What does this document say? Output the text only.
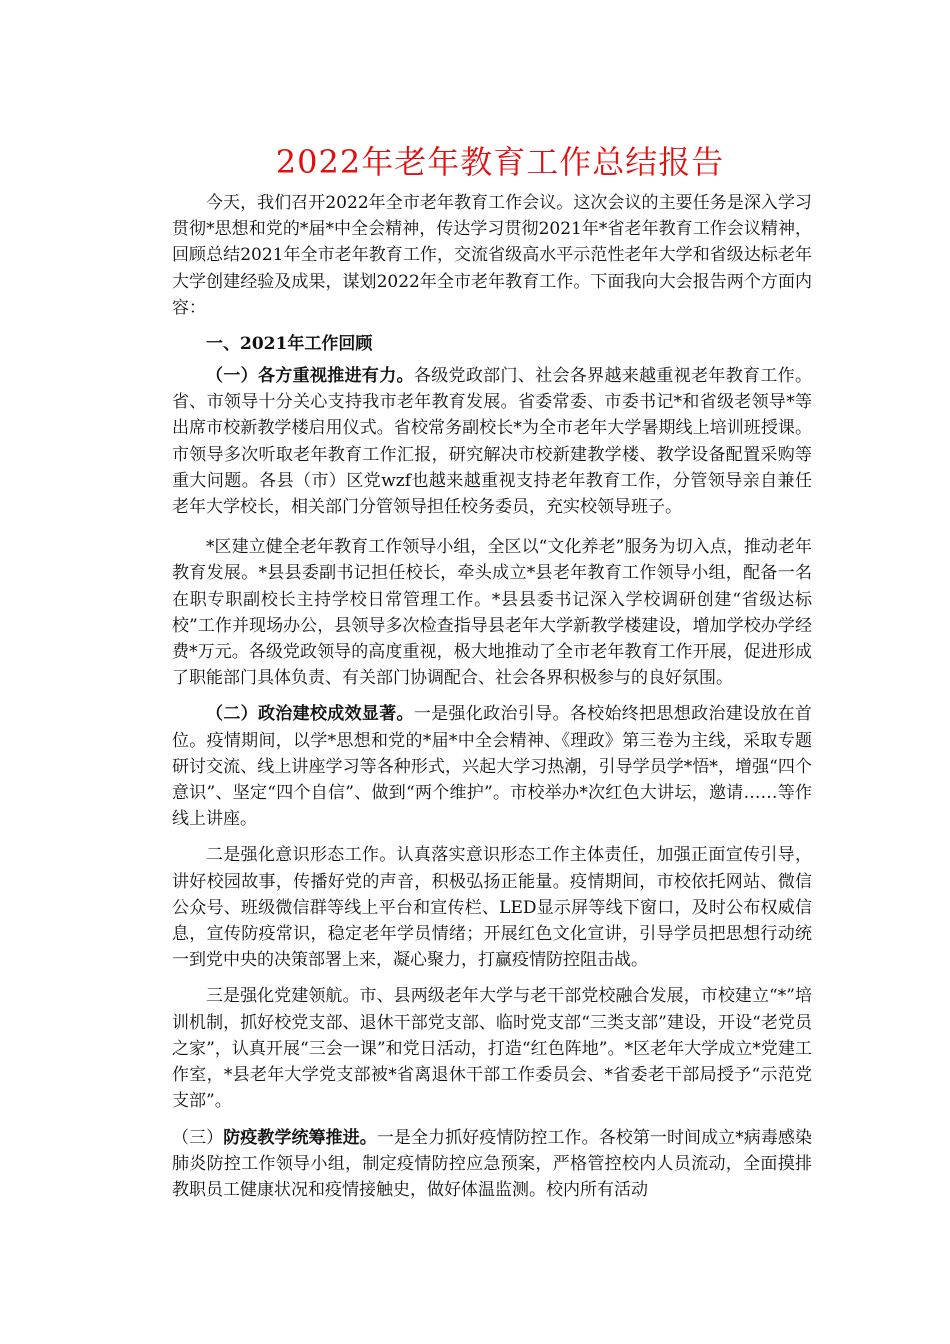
2022年老年教育工作总结报告

今天，我们召开2022年全市老年教育工作会议。这次会议的主要任务是深入学习贯彻*思想和党的*届*中全会精神，传达学习贯彻2021年*省老年教育工作会议精神，回顾总结2021年全市老年教育工作，交流省级高水平示范性老年大学和省级达标老年大学创建经验及成果，谋划2022年全市老年教育工作。下面我向大会报告两个方面内容：

一、2021年工作回顾

（一）各方重视推进有力。各级党政部门、社会各界越来越重视老年教育工作。省、市领导十分关心支持我市老年教育发展。省委常委、市委书记*和省级老领导*等出席市校新教学楼启用仪式。省校常务副校长*为全市老年大学暑期线上培训班授课。市领导多次听取老年教育工作汇报，研究解决市校新建教学楼、教学设备配置采购等重大问题。各县（市）区党wzf也越来越重视支持老年教育工作，分管领导亲自兼任老年大学校长，相关部门分管领导担任校务委员，充实校领导班子。

*区建立健全老年教育工作领导小组，全区以“文化养老”服务为切入点，推动老年教育发展。*县县委副书记担任校长，牵头成立*县老年教育工作领导小组，配备一名在职专职副校长主持学校日常管理工作。*县县委书记深入学校调研创建“省级达标校”工作并现场办公，县领导多次检查指导县老年大学新教学楼建设，增加学校办学经费*万元。各级党政领导的高度重视，极大地推动了全市老年教育工作开展，促进形成了职能部门具体负责、有关部门协调配合、社会各界积极参与的良好氛围。

（二）政治建校成效显著。一是强化政治引导。各校始终把思想政治建设放在首位。疫情期间，以学*思想和党的*届*中全会精神、《理政》第三卷为主线，采取专题研讨交流、线上讲座学习等各种形式，兴起大学习热潮，引导学员学*悟*，增强“四个意识”、坚定“四个自信”、做到“两个维护”。市校举办*次红色大讲坛，邀请……等作线上讲座。

二是强化意识形态工作。认真落实意识形态工作主体责任，加强正面宣传引导，讲好校园故事，传播好党的声音，积极弘扬正能量。疫情期间，市校依托网站、微信公众号、班级微信群等线上平台和宣传栏、LED显示屏等线下窗口，及时公布权威信息，宣传防疫常识，稳定老年学员情绪；开展红色文化宣讲，引导学员把思想行动统一到党中央的决策部署上来，凝心聚力，打赢疫情防控阻击战。

三是强化党建领航。市、县两级老年大学与老干部党校融合发展，市校建立“*”培训机制，抓好校党支部、退休干部党支部、临时党支部“三类支部”建设，开设“老党员之家”，认真开展“三会一课”和党日活动，打造“红色阵地”。*区老年大学成立*党建工作室，*县老年大学党支部被*省离退休干部工作委员会、*省委老干部局授予“示范党支部”。

（三）防疫教学统筹推进。一是全力抓好疫情防控工作。各校第一时间成立*病毒感染肺炎防控工作领导小组，制定疫情防控应急预案，严格管控校内人员流动，全面摸排教职员工健康状况和疫情接触史，做好体温监测。校内所有活动
